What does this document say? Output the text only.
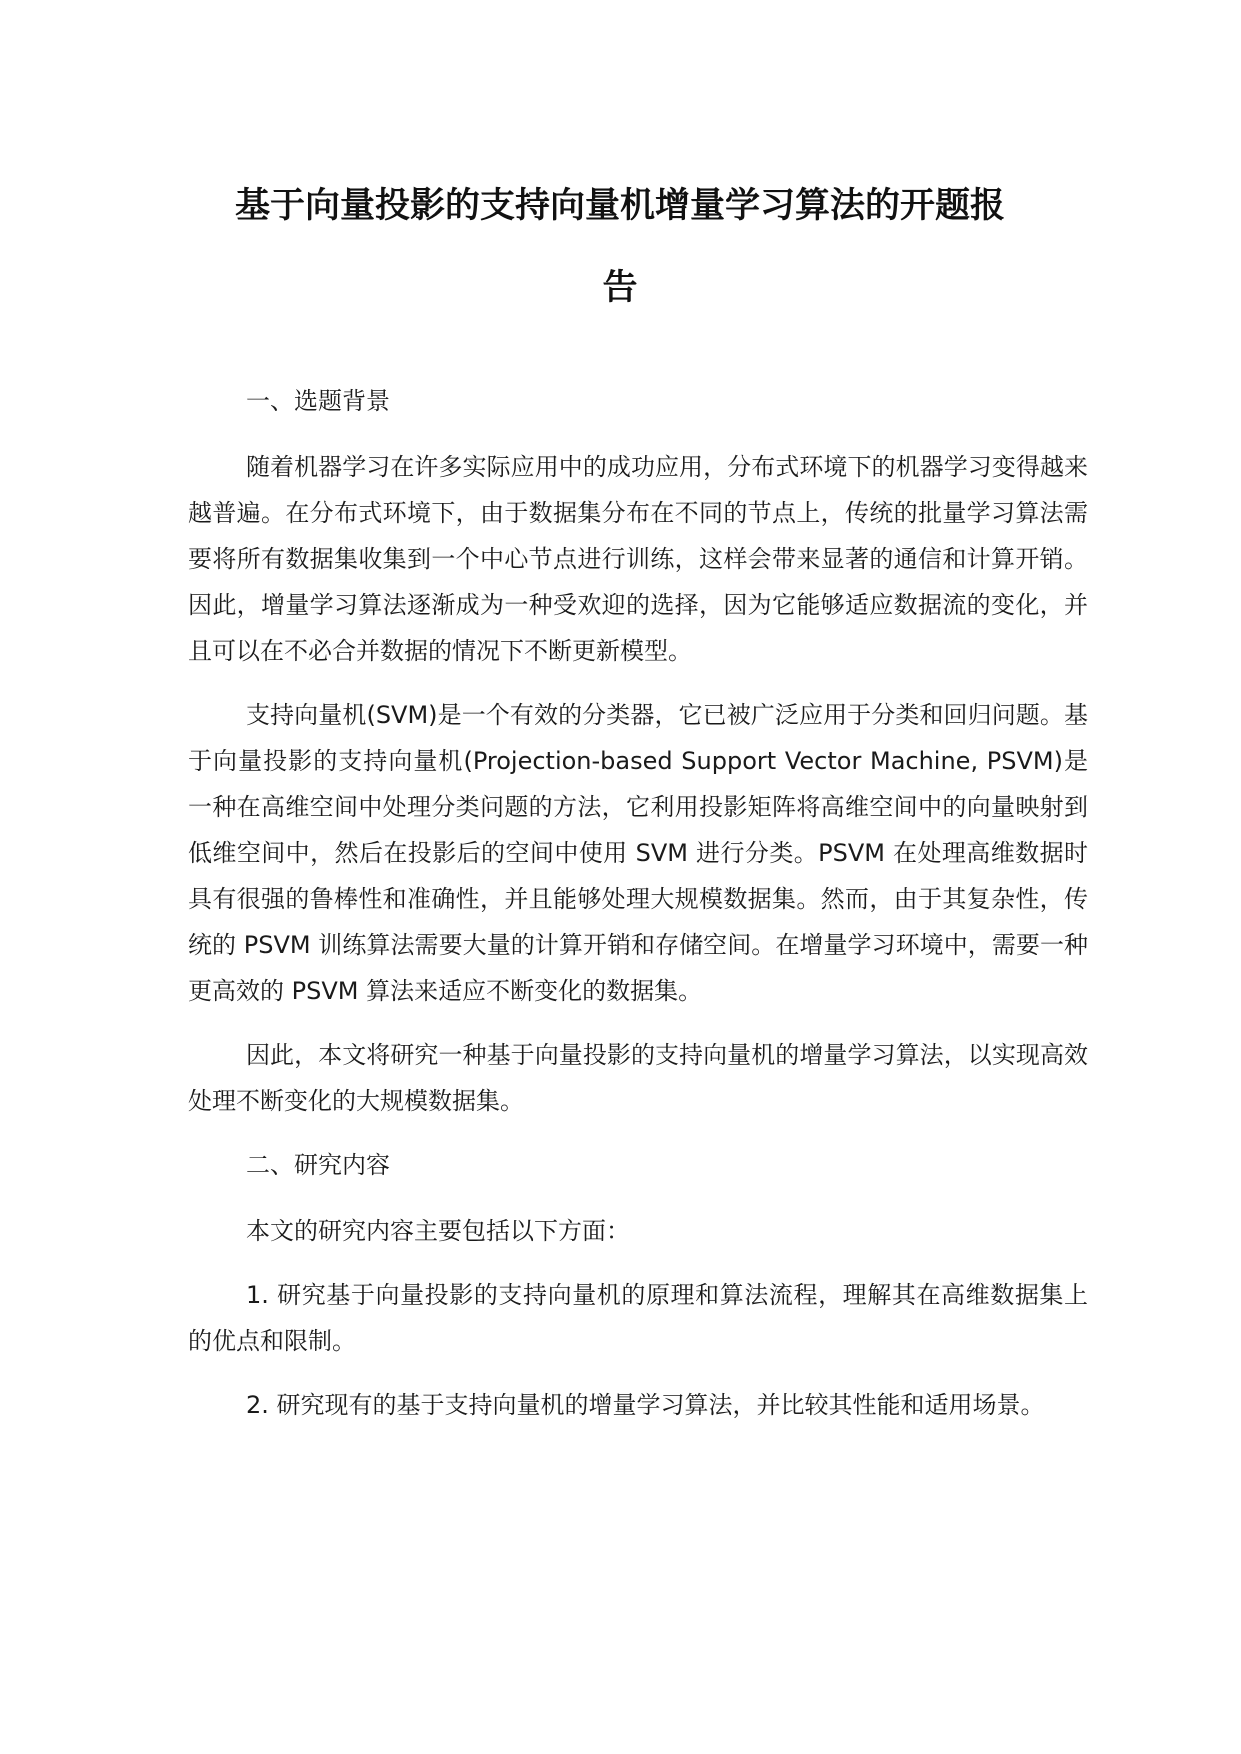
基于向量投影的支持向量机增量学习算法的开题报
告

一、选题背景

随着机器学习在许多实际应用中的成功应用，分布式环境下的机器学习变得越来越普遍。在分布式环境下，由于数据集分布在不同的节点上，传统的批量学习算法需要将所有数据集收集到一个中心节点进行训练，这样会带来显著的通信和计算开销。因此，增量学习算法逐渐成为一种受欢迎的选择，因为它能够适应数据流的变化，并且可以在不必合并数据的情况下不断更新模型。

支持向量机(SVM)是一个有效的分类器，它已被广泛应用于分类和回归问题。基于向量投影的支持向量机(Projection-based Support Vector Machine, PSVM)是一种在高维空间中处理分类问题的方法，它利用投影矩阵将高维空间中的向量映射到低维空间中，然后在投影后的空间中使用 SVM 进行分类。PSVM 在处理高维数据时具有很强的鲁棒性和准确性，并且能够处理大规模数据集。然而，由于其复杂性，传统的 PSVM 训练算法需要大量的计算开销和存储空间。在增量学习环境中，需要一种更高效的 PSVM 算法来适应不断变化的数据集。

因此，本文将研究一种基于向量投影的支持向量机的增量学习算法，以实现高效处理不断变化的大规模数据集。

二、研究内容

本文的研究内容主要包括以下方面：

1. 研究基于向量投影的支持向量机的原理和算法流程，理解其在高维数据集上的优点和限制。

2. 研究现有的基于支持向量机的增量学习算法，并比较其性能和适用场景。
